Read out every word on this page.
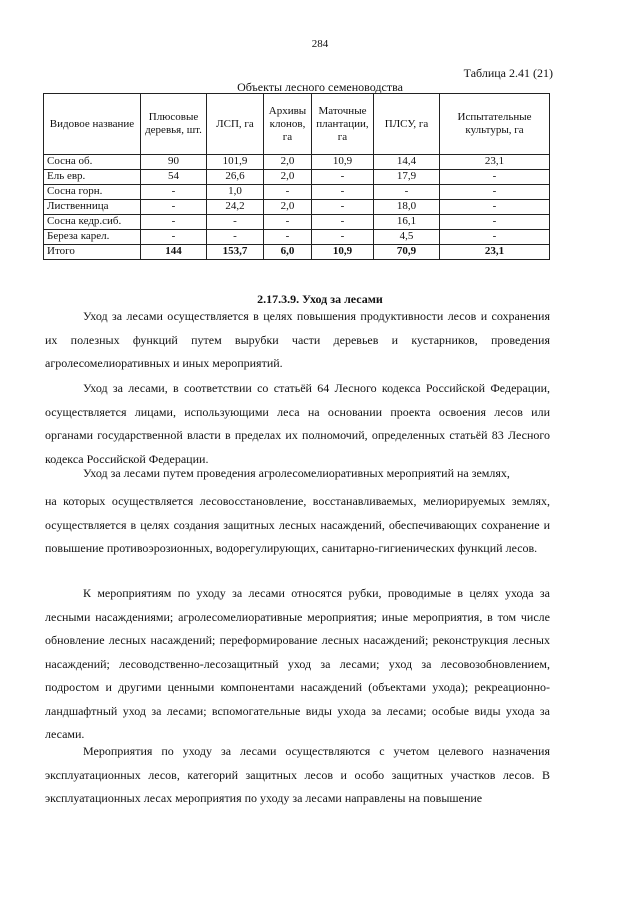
284
Таблица 2.41 (21)
Объекты лесного семеноводства
Видовое название	Плюсовые деревья, шт.	ЛСП, га	Архивы клонов, га	Маточные плантации, га	ПЛСУ, га	Испытательные культуры, га
Сосна об.	90	101,9	2,0	10,9	14,4	23,1
Ель евр.	54	26,6	2,0	-	17,9	-
Сосна горн.	-	1,0	-	-	-	-
Лиственница	-	24,2	2,0	-	18,0	-
Сосна кедр.сиб.	-	-	-	-	16,1	-
Береза карел.	-	-	-	-	4,5	-
Итого	144	153,7	6,0	10,9	70,9	23,1
2.17.3.9. Уход за лесами
Уход за лесами осуществляется в целях повышения продуктивности лесов и сохранения их полезных функций путем вырубки части деревьев и кустарников, проведения агролесомелиоративных и иных мероприятий.
Уход за лесами, в соответствии со статьёй 64 Лесного кодекса Российской Федерации, осуществляется лицами, использующими леса на основании проекта освоения лесов или органами государственной власти в пределах их полномочий, определенных статьёй 83 Лесного кодекса Российской Федерации.
Уход за лесами путем проведения агролесомелиоративных мероприятий на землях,
на которых осуществляется лесовосстановление, восстанавливаемых, мелиорируемых землях, осуществляется в целях создания защитных лесных насаждений, обеспечивающих сохранение и повышение противоэрозионных, водорегулирующих, санитарно-гигиенических функций лесов.
К мероприятиям по уходу за лесами относятся рубки, проводимые в целях ухода за лесными насаждениями; агролесомелиоративные мероприятия; иные мероприятия, в том числе обновление лесных насаждений; переформирование лесных насаждений; реконструкция лесных насаждений; лесоводственно-лесозащитный уход за лесами; уход за лесовозобновлением, подростом и другими ценными компонентами насаждений (объектами ухода); рекреационно-ландшафтный уход за лесами; вспомогательные виды ухода за лесами; особые виды ухода за лесами.
Мероприятия по уходу за лесами осуществляются с учетом целевого назначения эксплуатационных лесов, категорий защитных лесов и особо защитных участков лесов. В эксплуатационных лесах мероприятия по уходу за лесами направлены на повышение
